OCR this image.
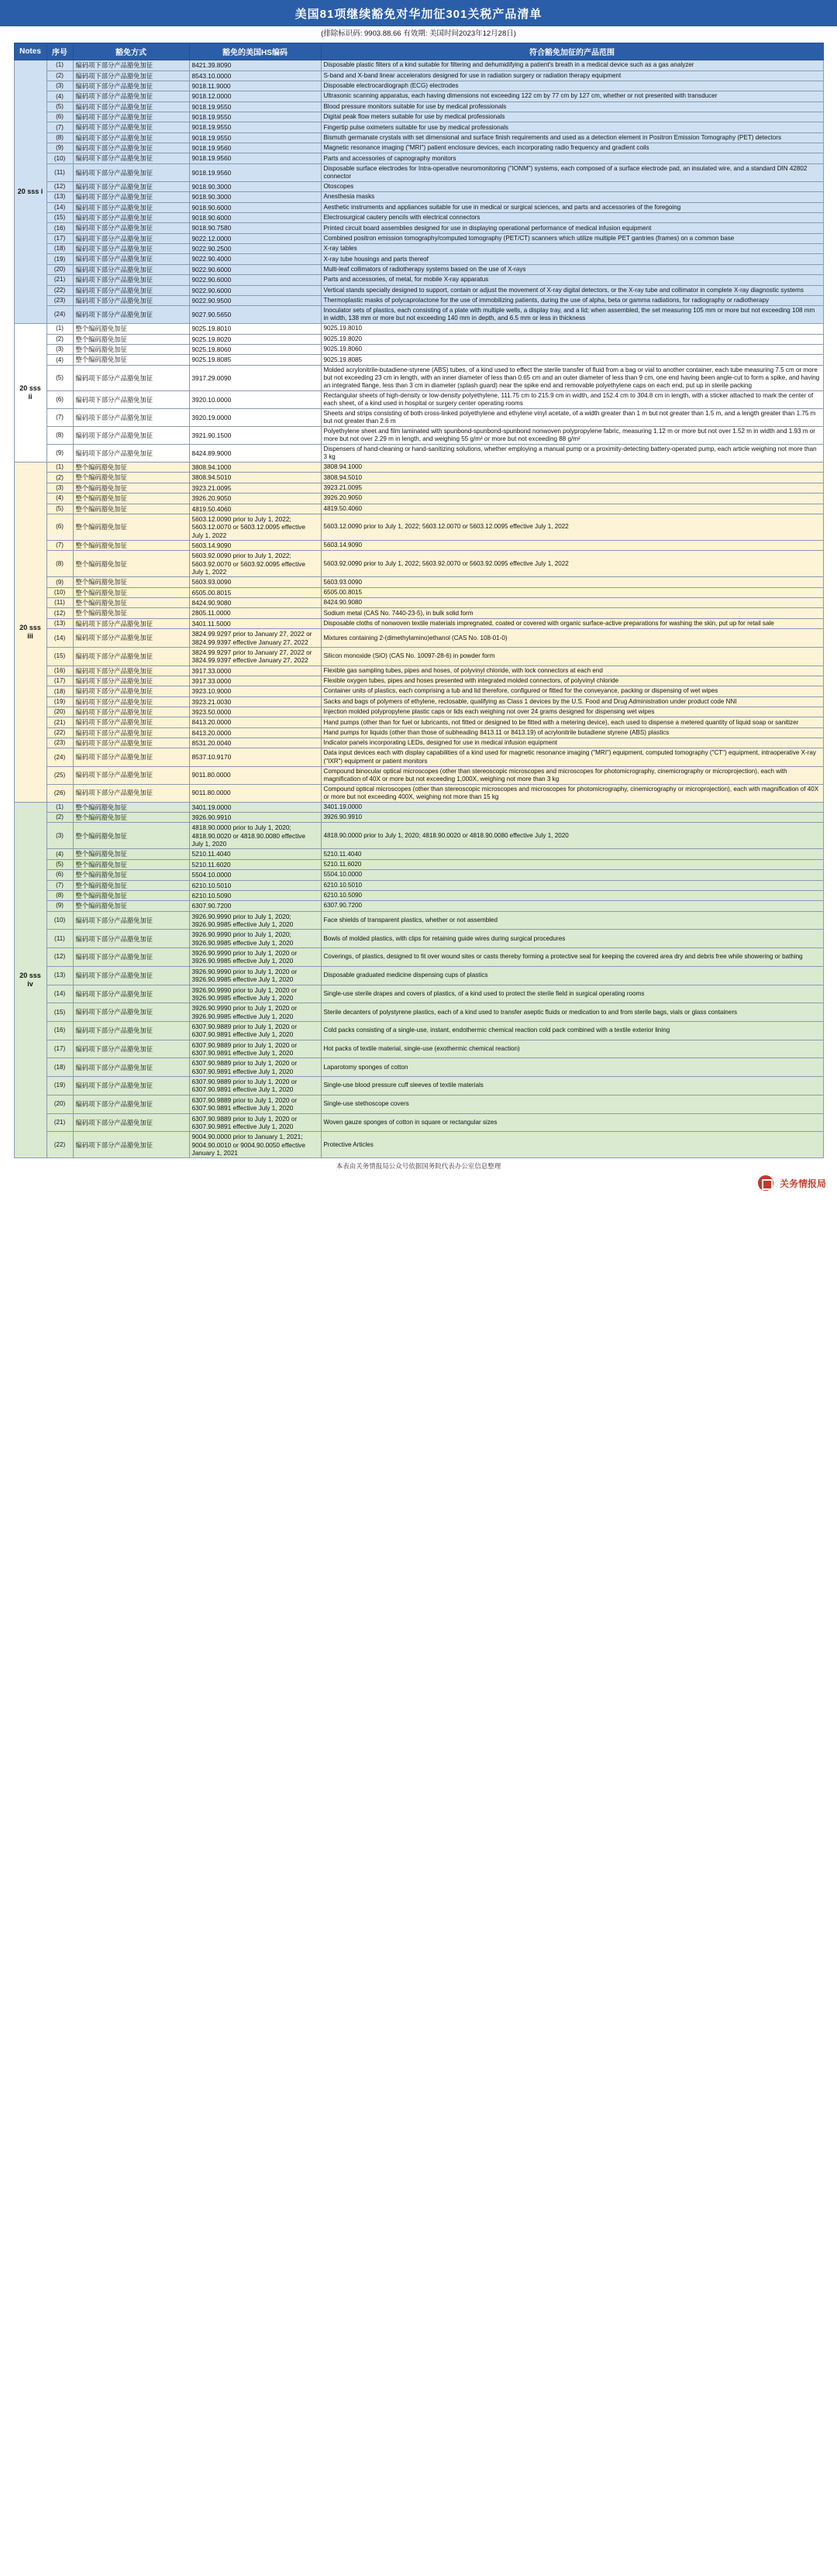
美国81项继续豁免对华加征301关税产品清单
(排除标识码: 9903.88.66 有效期: 美国时间2023年12月28日)
Notes	序号	豁免方式	豁免的美国HS编码	符合豁免加征的产品范围
20 sss i	(1)	编码项下部分产品豁免加征	8421.39.8090	Disposable plastic filters of a kind suitable for filtering and dehumidifying a patient's breath in a medical device such as a gas analyzer
	(2)	编码项下部分产品豁免加征	8543.10.0000	S-band and X-band linear accelerators designed for use in radiation surgery or radiation therapy equipment
	(3)	编码项下部分产品豁免加征	9018.11.9000	Disposable electrocardiograph (ECG) electrodes
	(4)	编码项下部分产品豁免加征	9018.12.0000	Ultrasonic scanning apparatus, each having dimensions not exceeding 122 cm by 77 cm by 127 cm, whether or not presented with transducer
	(5)	编码项下部分产品豁免加征	9018.19.9550	Blood pressure monitors suitable for use by medical professionals
	(6)	编码项下部分产品豁免加征	9018.19.9550	Digital peak flow meters suitable for use by medical professionals
	(7)	编码项下部分产品豁免加征	9018.19.9550	Fingertip pulse oximeters suitable for use by medical professionals
	(8)	编码项下部分产品豁免加征	9018.19.9550	Bismuth germanate crystals with set dimensional and surface finish requirements and used as a detection element in Positron Emission Tomography (PET) detectors
	(9)	编码项下部分产品豁免加征	9018.19.9560	Magnetic resonance imaging ("MRI") patient enclosure devices, each incorporating radio frequency and gradient coils
	(10)	编码项下部分产品豁免加征	9018.19.9560	Parts and accessories of capnography monitors
	(11)	编码项下部分产品豁免加征	9018.19.9560	Disposable surface electrodes for Intra-operative neuromonitoring ("IONM") systems, each composed of a surface electrode pad, an insulated wire, and a standard DIN 42802 connector
	(12)	编码项下部分产品豁免加征	9018.90.3000	Otoscopes
	(13)	编码项下部分产品豁免加征	9018.90.3000	Anesthesia masks
	(14)	编码项下部分产品豁免加征	9018.90.6000	Aesthetic instruments and appliances suitable for use in medical or surgical sciences, and parts and accessories of the foregoing
	(15)	编码项下部分产品豁免加征	9018.90.6000	Electrosurgical cautery pencils with electrical connectors
	(16)	编码项下部分产品豁免加征	9018.90.7580	Printed circuit board assemblies designed for use in displaying operational performance of medical infusion equipment
	(17)	编码项下部分产品豁免加征	9022.12.0000	Combined positron emission tomography/computed tomography (PET/CT) scanners which utilize multiple PET gantries (frames) on a common base
	(18)	编码项下部分产品豁免加征	9022.90.2500	X-ray tables
	(19)	编码项下部分产品豁免加征	9022.90.4000	X-ray tube housings and parts thereof
	(20)	编码项下部分产品豁免加征	9022.90.6000	Multi-leaf collimators of radiotherapy systems based on the use of X-rays
	(21)	编码项下部分产品豁免加征	9022.90.6000	Parts and accessories, of metal, for mobile X-ray apparatus
	(22)	编码项下部分产品豁免加征	9022.90.6000	Vertical stands specially designed to support, contain or adjust the movement of X-ray digital detectors, or the X-ray tube and collimator in complete X-ray diagnostic systems
	(23)	编码项下部分产品豁免加征	9022.90.9500	Thermoplastic masks of polycaprolactone for the use of immobilizing patients, during the use of alpha, beta or gamma radiations, for radiography or radiotherapy
	(24)	编码项下部分产品豁免加征	9027.90.5650	Inoculator sets of plastics, each consisting of a plate with multiple wells, a display tray, and a lid; when assembled, the set measuring 105 mm or more but not exceeding 108 mm in width, 138 mm or more but not exceeding 140 mm in depth, and 6.5 mm or less in thickness
20 sss ii	(1)	整个编码豁免加征	9025.19.8010	9025.19.8010
	(2)	整个编码豁免加征	9025.19.8020	9025.19.8020
	(3)	整个编码豁免加征	9025.19.8060	9025.19.8060
	(4)	整个编码豁免加征	9025.19.8085	9025.19.8085
	(5)	编码项下部分产品豁免加征	3917.29.0090	Molded acrylonitrile-butadiene-styrene (ABS) tubes, of a kind used to effect the sterile transfer of fluid from a bag or vial to another container, each tube measuring 7.5 cm or more but not exceeding 23 cm in length, with an inner diameter of less than 0.65 cm and an outer diameter of less than 9 cm, one end having been angle-cut to form a spike, and having an integrated flange, less than 3 cm in diameter (splash guard) near the spike end and removable polyethylene caps on each end, put up in sterile packing
	(6)	编码项下部分产品豁免加征	3920.10.0000	Rectangular sheets of high-density or low-density polyethylene, 111.75 cm to 215.9 cm in width, and 152.4 cm to 304.8 cm in length, with a sticker attached to mark the center of each sheet, of a kind used in hospital or surgery center operating rooms
	(7)	编码项下部分产品豁免加征	3920.19.0000	Sheets and strips consisting of both cross-linked polyethylene and ethylene vinyl acetate, of a width greater than 1 m but not greater than 1.5 m, and a length greater than 1.75 m but not greater than 2.6 m
	(8)	编码项下部分产品豁免加征	3921.90.1500	Polyethylene sheet and film laminated with spunbond-spunbond-spunbond nonwoven polypropylene fabric, measuring 1.12 m or more but not over 1.52 m in width and 1.93 m or more but not over 2.29 m in length, and weighing 55 g/m² or more but not exceeding 88 g/m²
	(9)	编码项下部分产品豁免加征	8424.89.9000	Dispensers of hand-cleaning or hand-sanitizing solutions, whether employing a manual pump or a proximity-detecting battery-operated pump, each article weighing not more than 3 kg
20 sss iii	(1)	整个编码豁免加征	3808.94.1000	3808.94.1000
	(2)	整个编码豁免加征	3808.94.5010	3808.94.5010
	(3)	整个编码豁免加征	3923.21.0095	3923.21.0095
	(4)	整个编码豁免加征	3926.20.9050	3926.20.9050
	(5)	整个编码豁免加征	4819.50.4060	4819.50.4060
	(6)	整个编码豁免加征	5603.12.0090 prior to July 1, 2022; 5603.12.0070 or 5603.12.0095 effective July 1, 2022	5603.12.0090 prior to July 1, 2022; 5603.12.0070 or 5603.12.0095 effective July 1, 2022
	(7)	整个编码豁免加征	5603.14.9090	5603.14.9090
	(8)	整个编码豁免加征	5603.92.0090 prior to July 1, 2022; 5603.92.0070 or 5603.92.0095 effective July 1, 2022	5603.92.0090 prior to July 1, 2022; 5603.92.0070 or 5603.92.0095 effective July 1, 2022
	(9)	整个编码豁免加征	5603.93.0090	5603.93.0090
	(10)	整个编码豁免加征	6505.00.8015	6505.00.8015
	(11)	整个编码豁免加征	8424.90.9080	8424.90.9080
	(12)	整个编码豁免加征	2805.11.0000	Sodium metal (CAS No. 7440-23-5), in bulk solid form
	(13)	编码项下部分产品豁免加征	3401.11.5000	Disposable cloths of nonwoven textile materials impregnated, coated or covered with organic surface-active preparations for washing the skin, put up for retail sale
	(14)	编码项下部分产品豁免加征	3824.99.9297 prior to January 27, 2022 or 3824.99.9397 effective January 27, 2022	Mixtures containing 2-(dimethylamino)ethanol (CAS No. 108-01-0)
	(15)	编码项下部分产品豁免加征	3824.99.9297 prior to January 27, 2022 or 3824.99.9397 effective January 27, 2022	Silicon monoxide (SiO) (CAS No. 10097-28-6) in powder form
	(16)	编码项下部分产品豁免加征	3917.33.0000	Flexible gas sampling tubes, pipes and hoses, of polyvinyl chloride, with lock connectors at each end
	(17)	编码项下部分产品豁免加征	3917.33.0000	Flexible oxygen tubes, pipes and hoses presented with integrated molded connectors, of polyvinyl chloride
	(18)	编码项下部分产品豁免加征	3923.10.9000	Container units of plastics, each comprising a tub and lid therefore, configured or fitted for the conveyance, packing or dispensing of wet wipes
	(19)	编码项下部分产品豁免加征	3923.21.0030	Sacks and bags of polymers of ethylene, reclosable, qualifying as Class 1 devices by the U.S. Food and Drug Administration under product code NNI
	(20)	编码项下部分产品豁免加征	3923.50.0000	Injection molded polypropylene plastic caps or lids each weighing not over 24 grams designed for dispensing wet wipes
	(21)	编码项下部分产品豁免加征	8413.20.0000	Hand pumps (other than for fuel or lubricants, not fitted or designed to be fitted with a metering device), each used to dispense a metered quantity of liquid soap or sanitizer
	(22)	编码项下部分产品豁免加征	8413.20.0000	Hand pumps for liquids (other than those of subheading 8413.11 or 8413.19) of acrylonitrile butadiene styrene (ABS) plastics
	(23)	编码项下部分产品豁免加征	8531.20.0040	Indicator panels incorporating LEDs, designed for use in medical infusion equipment
	(24)	编码项下部分产品豁免加征	8537.10.9170	Data input devices each with display capabilities of a kind used for magnetic resonance imaging ("MRI") equipment, computed tomography ("CT") equipment, intraoperative X-ray ("IXR") equipment or patient monitors
	(25)	编码项下部分产品豁免加征	9011.80.0000	Compound binocular optical microscopes (other than stereoscopic microscopes and microscopes for photomicrography, cinemicrography or microprojection), each with magnification of 40X or more but not exceeding 1,000X, weighing not more than 3 kg
	(26)	编码项下部分产品豁免加征	9011.80.0000	Compound optical microscopes (other than stereoscopic microscopes and microscopes for photomicrography, cinemicrography or microprojection), each with magnification of 40X or more but not exceeding 400X, weighing not more than 15 kg
20 sss iv	(1)	整个编码豁免加征	3401.19.0000	3401.19.0000
	(2)	整个编码豁免加征	3926.90.9910	3926.90.9910
	(3)	整个编码豁免加征	4818.90.0000 prior to July 1, 2020; 4818.90.0020 or 4818.90.0080 effective July 1, 2020	4818.90.0000 prior to July 1, 2020; 4818.90.0020 or 4818.90.0080 effective July 1, 2020
	(4)	整个编码豁免加征	5210.11.4040	5210.11.4040
	(5)	整个编码豁免加征	5210.11.6020	5210.11.6020
	(6)	整个编码豁免加征	5504.10.0000	5504.10.0000
	(7)	整个编码豁免加征	6210.10.5010	6210.10.5010
	(8)	整个编码豁免加征	6210.10.5090	6210.10.5090
	(9)	整个编码豁免加征	6307.90.7200	6307.90.7200
	(10)	编码项下部分产品豁免加征	3926.90.9990 prior to July 1, 2020; 3926.90.9985 effective July 1, 2020	Face shields of transparent plastics, whether or not assembled
	(11)	编码项下部分产品豁免加征	3926.90.9990 prior to July 1, 2020; 3926.90.9985 effective July 1, 2020	Bowls of molded plastics, with clips for retaining guide wires during surgical procedures
	(12)	编码项下部分产品豁免加征	3926.90.9990 prior to July 1, 2020 or 3926.90.9985 effective July 1, 2020	Coverings, of plastics, designed to fit over wound sites or casts thereby forming a protective seal for keeping the covered area dry and debris free while showering or bathing
	(13)	编码项下部分产品豁免加征	3926.90.9990 prior to July 1, 2020 or 3926.90.9985 effective July 1, 2020	Disposable graduated medicine dispensing cups of plastics
	(14)	编码项下部分产品豁免加征	3926.90.9990 prior to July 1, 2020 or 3926.90.9985 effective July 1, 2020	Single-use sterile drapes and covers of plastics, of a kind used to protect the sterile field in surgical operating rooms
	(15)	编码项下部分产品豁免加征	3926.90.9990 prior to July 1, 2020 or 3926.90.9985 effective July 1, 2020	Sterile decanters of polystyrene plastics, each of a kind used to transfer aseptic fluids or medication to and from sterile bags, vials or glass containers
	(16)	编码项下部分产品豁免加征	6307.90.9889 prior to July 1, 2020 or 6307.90.9891 effective July 1, 2020	Cold packs consisting of a single-use, instant, endothermic chemical reaction cold pack combined with a textile exterior lining
	(17)	编码项下部分产品豁免加征	6307.90.9889 prior to July 1, 2020 or 6307.90.9891 effective July 1, 2020	Hot packs of textile material, single-use (exothermic chemical reaction)
	(18)	编码项下部分产品豁免加征	6307.90.9889 prior to July 1, 2020 or 6307.90.9891 effective July 1, 2020	Laparotomy sponges of cotton
	(19)	编码项下部分产品豁免加征	6307.90.9889 prior to July 1, 2020 or 6307.90.9891 effective July 1, 2020	Single-use blood pressure cuff sleeves of textile materials
	(20)	编码项下部分产品豁免加征	6307.90.9889 prior to July 1, 2020 or 6307.90.9891 effective July 1, 2020	Single-use stethoscope covers
	(21)	编码项下部分产品豁免加征	6307.90.9889 prior to July 1, 2020 or 6307.90.9891 effective July 1, 2020	Woven gauze sponges of cotton in square or rectangular sizes
	(22)	编码项下部分产品豁免加征	9004.90.0000 prior to January 1, 2021; 9004.90.0010 or 9004.90.0050 effective January 1, 2021	Protective Articles
本表由关务情报局公众号依据国务院代表办公室信息整理
关务情报局
